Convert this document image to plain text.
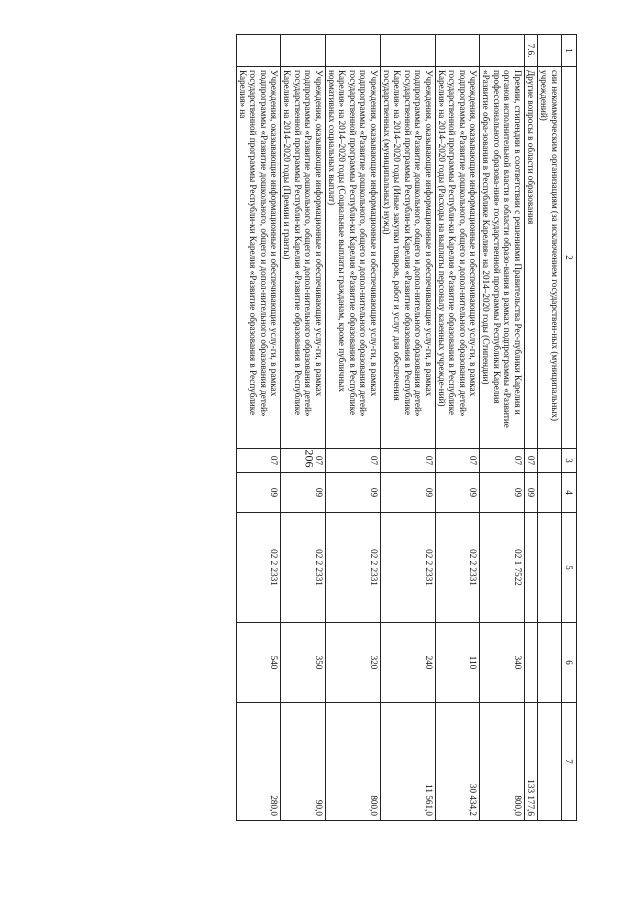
206
1	2	3	4	5	6	7
	сии некоммерческим организациям (за исключением государствен-ных (муниципальных) учреждений)					
7.6.	Другие вопросы в области образования	07	09			133 177,6
	Премии, стипендии в соответствии с решениями Правительства Рес-публики Карелия и органов исполнительной власти в области образо-вания в рамках подпрограммы «Развитие профессионального образова-ния» государственной программы Республики Карелия «Развитие обра-зования в Республике Карелия» на 2014–2020 годы (Стипендии)	07	09	02 1 7522	340	800,0
	Учреждения, оказывающие информационные и обеспечивающие услу-ги, в рамках подпрограммы «Развитие дошкольного, общего и допол-нительного образования детей» государственной программы Республи-ки Карелия «Развитие образования в Республике Карелия» на 2014–2020 годы (Расходы на выплаты персоналу казенных учрежде-ний)	07	09	02 2 2331	110	30 434,2
	Учреждения, оказывающие информационные и обеспечивающие услу-ги, в рамках подпрограммы «Развитие дошкольного, общего и допол-нительного образования детей» государственной программы Республи-ки Карелия «Развитие образования в Республике Карелия» на 2014–2020 годы (Иные закупки товаров, работ и услуг для обеспечения государственных (муниципальных) нужд)	07	09	02 2 2331	240	11 561,0
	Учреждения, оказывающие информационные и обеспечивающие услу-ги, в рамках подпрограммы «Развитие дошкольного, общего и допол-нительного образования детей» государственной программы Республи-ки Карелия «Развитие образования в Республике Карелия» на 2014–2020 годы (Социальные выплаты гражданам, кроме публичных нормативных социальных выплат)	07	09	02 2 2331	320	800,0
	Учреждения, оказывающие информационные и обеспечивающие услу-ги, в рамках подпрограммы «Развитие дошкольного, общего и допол-нительного образования детей» государственной программы Республи-ки Карелия «Развитие образования в Республике Карелия» на 2014–2020 годы (Премии и гранты)	07	09	02 2 2331	350	90,0
	Учреждения, оказывающие информационные и обеспечивающие услу-ги, в рамках подпрограммы «Развитие дошкольного, общего и допол-нительного образования детей» государственной программы Республи-ки Карелия «Развитие образования в Республике Карелия» на	07	09	02 2 2331	540	280,0
